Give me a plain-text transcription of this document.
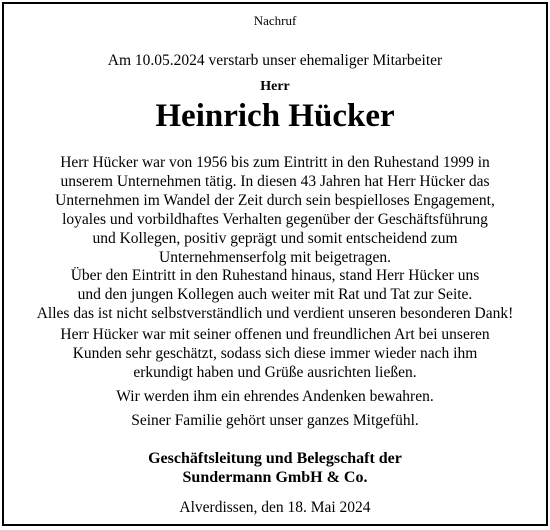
Nachruf
Am 10.05.2024 verstarb unser ehemaliger Mitarbeiter
Herr
Heinrich Hücker
Herr Hücker war von 1956 bis zum Eintritt in den Ruhestand 1999 in
unserem Unternehmen tätig. In diesen 43 Jahren hat Herr Hücker das
Unternehmen im Wandel der Zeit durch sein bespielloses Engagement,
loyales und vorbildhaftes Verhalten gegenüber der Geschäftsführung
und Kollegen, positiv geprägt und somit entscheidend zum
Unternehmenserfolg mit beigetragen.
Über den Eintritt in den Ruhestand hinaus, stand Herr Hücker uns
und den jungen Kollegen auch weiter mit Rat und Tat zur Seite.
Alles das ist nicht selbstverständlich und verdient unseren besonderen Dank!
Herr Hücker war mit seiner offenen und freundlichen Art bei unseren
Kunden sehr geschätzt, sodass sich diese immer wieder nach ihm
erkundigt haben und Grüße ausrichten ließen.
Wir werden ihm ein ehrendes Andenken bewahren.
Seiner Familie gehört unser ganzes Mitgefühl.
Geschäftsleitung und Belegschaft der
Sundermann GmbH & Co.
Alverdissen, den 18. Mai 2024
